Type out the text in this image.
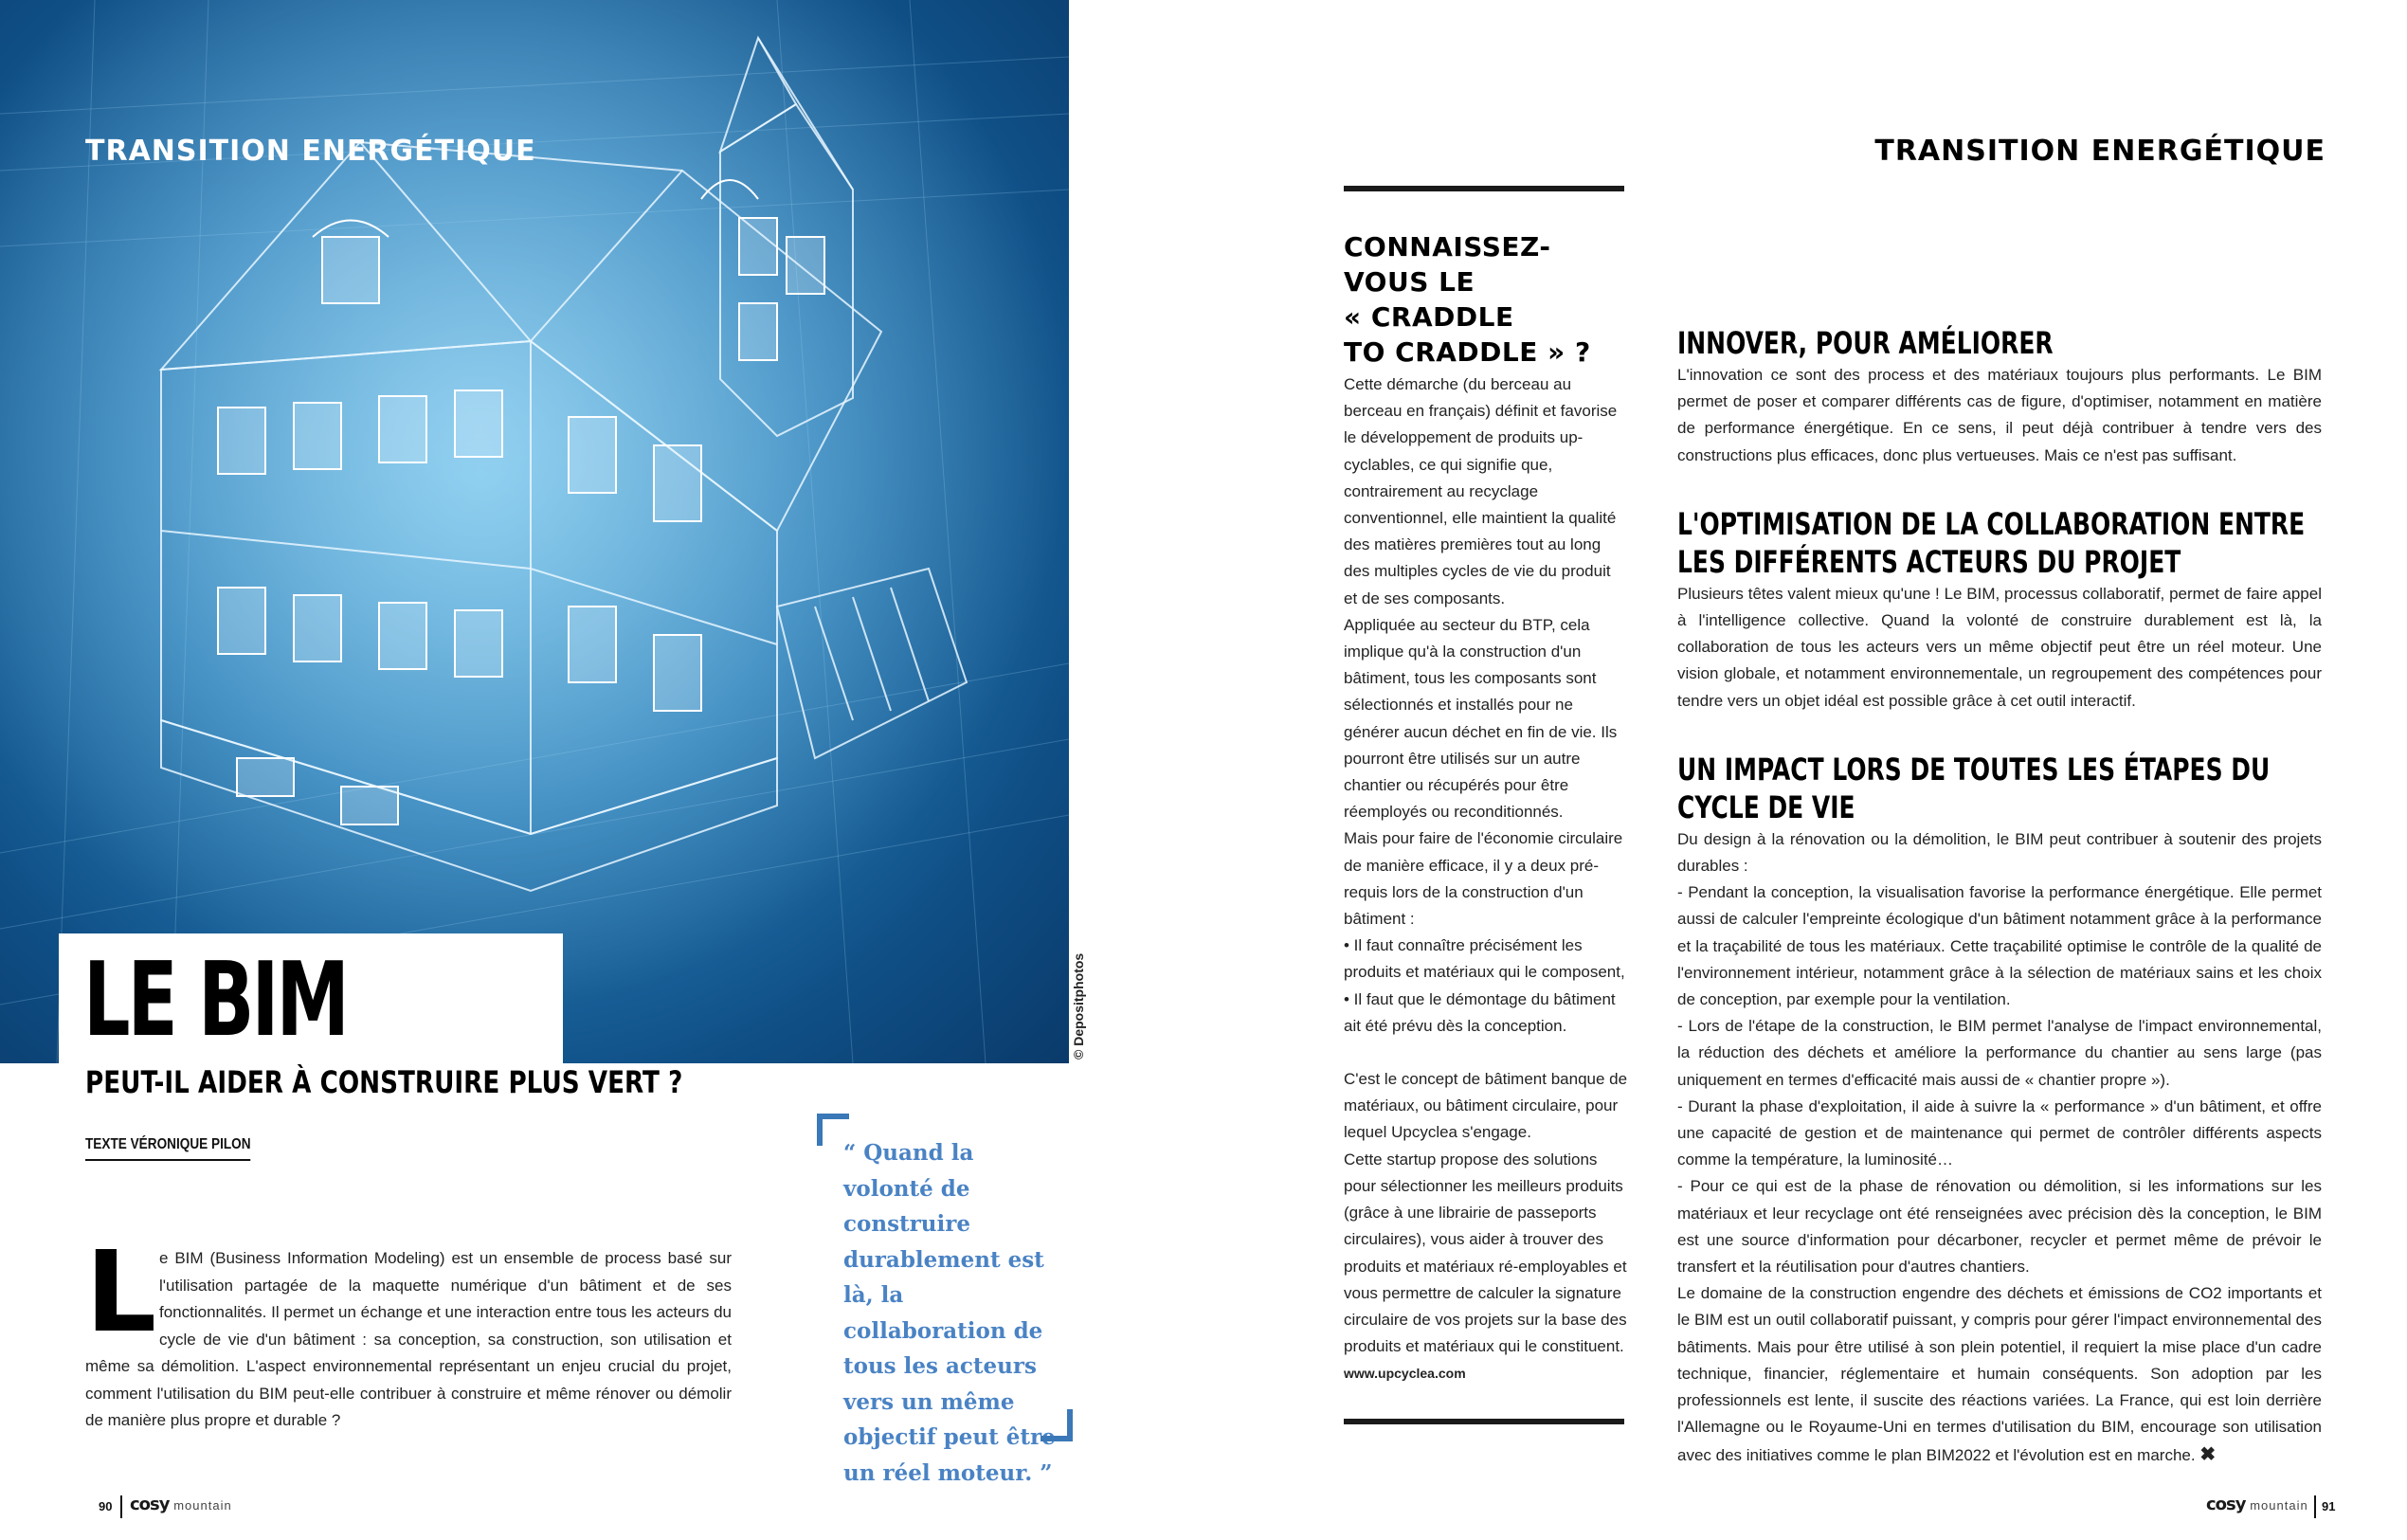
TRANSITION ENERGÉTIQUE
LE BIM	© Depositphotos
PEUT-IL AIDER À CONSTRUIRE PLUS VERT ?
TEXTE VÉRONIQUE PILON
L e BIM (Business Information Modeling) est un ensemble de process basé sur l'utilisation partagée de la maquette numérique d'un bâtiment et de ses fonctionnalités. Il permet un échange et une interaction entre tous les acteurs du cycle de vie d'un bâtiment : sa conception, sa construction, son utilisation et même sa démolition. L'aspect environnemental représentant un enjeu crucial du projet, comment l'utilisation du BIM peut-elle contribuer à construire et même rénover ou démolir de manière plus propre et durable ?
“ Quand la volonté de construire durablement est là, la collaboration de tous les acteurs vers un même objectif peut être un réel moteur. ”
90 cosy mountain
TRANSITION ENERGÉTIQUE
CONNAISSEZ-
VOUS LE
« CRADDLE
TO CRADDLE » ?

Cette démarche (du berceau au berceau en français) définit et favorise le développement de produits up-cyclables, ce qui signifie que, contrairement au recyclage conventionnel, elle maintient la qualité des matières premières tout au long des multiples cycles de vie du produit et de ses composants.

Appliquée au secteur du BTP, cela implique qu'à la construction d'un bâtiment, tous les composants sont sélectionnés et installés pour ne générer aucun déchet en fin de vie. Ils pourront être utilisés sur un autre chantier ou récupérés pour être réemployés ou reconditionnés.

Mais pour faire de l'économie circulaire de manière efficace, il y a deux pré-requis lors de la construction d'un bâtiment :

• Il faut connaître précisément les produits et matériaux qui le composent,

• Il faut que le démontage du bâtiment ait été prévu dès la conception.

C'est le concept de bâtiment banque de matériaux, ou bâtiment circulaire, pour lequel Upcyclea s'engage.

Cette startup propose des solutions pour sélectionner les meilleurs produits (grâce à une librairie de passeports circulaires), vous aider à trouver des produits et matériaux ré-employables et vous permettre de calculer la signature circulaire de vos projets sur la base des produits et matériaux qui le constituent.

www.upcyclea.com

INNOVER, POUR AMÉLIORER

L'innovation ce sont des process et des matériaux toujours plus performants. Le BIM permet de poser et comparer différents cas de figure, d'optimiser, notamment en matière de performance énergétique. En ce sens, il peut déjà contribuer à tendre vers des constructions plus efficaces, donc plus vertueuses. Mais ce n'est pas suffisant.

L'OPTIMISATION DE LA COLLABORATION ENTRE LES DIFFÉRENTS ACTEURS DU PROJET

Plusieurs têtes valent mieux qu'une ! Le BIM, processus collaboratif, permet de faire appel à l'intelligence collective. Quand la volonté de construire durablement est là, la collaboration de tous les acteurs vers un même objectif peut être un réel moteur. Une vision globale, et notamment environnementale, un regroupement des compétences pour tendre vers un objet idéal est possible grâce à cet outil interactif.

UN IMPACT LORS DE TOUTES LES ÉTAPES DU CYCLE DE VIE

Du design à la rénovation ou la démolition, le BIM peut contribuer à soutenir des projets durables :

- Pendant la conception, la visualisation favorise la performance énergétique. Elle permet aussi de calculer l'empreinte écologique d'un bâtiment notamment grâce à la performance et la traçabilité de tous les matériaux. Cette traçabilité optimise le contrôle de la qualité de l'environnement intérieur, notamment grâce à la sélection de matériaux sains et les choix de conception, par exemple pour la ventilation.

- Lors de l'étape de la construction, le BIM permet l'analyse de l'impact environnemental, la réduction des déchets et améliore la performance du chantier au sens large (pas uniquement en termes d'efficacité mais aussi de « chantier propre »).

- Durant la phase d'exploitation, il aide à suivre la « performance » d'un bâtiment, et offre une capacité de gestion et de maintenance qui permet de contrôler différents aspects comme la température, la luminosité…

- Pour ce qui est de la phase de rénovation ou démolition, si les informations sur les matériaux et leur recyclage ont été renseignées avec précision dès la conception, le BIM est une source d'information pour décarboner, recycler et permet même de prévoir le transfert et la réutilisation pour d'autres chantiers.

Le domaine de la construction engendre des déchets et émissions de CO2 importants et le BIM est un outil collaboratif puissant, y compris pour gérer l'impact environnemental des bâtiments. Mais pour être utilisé à son plein potentiel, il requiert la mise place d'un cadre technique, financier, réglementaire et humain conséquents. Son adoption par les professionnels est lente, il suscite des réactions variées. La France, qui est loin derrière l'Allemagne ou le Royaume-Uni en termes d'utilisation du BIM, encourage son utilisation avec des initiatives comme le plan BIM2022 et l'évolution est en marche. ✖

cosy mountain 91
